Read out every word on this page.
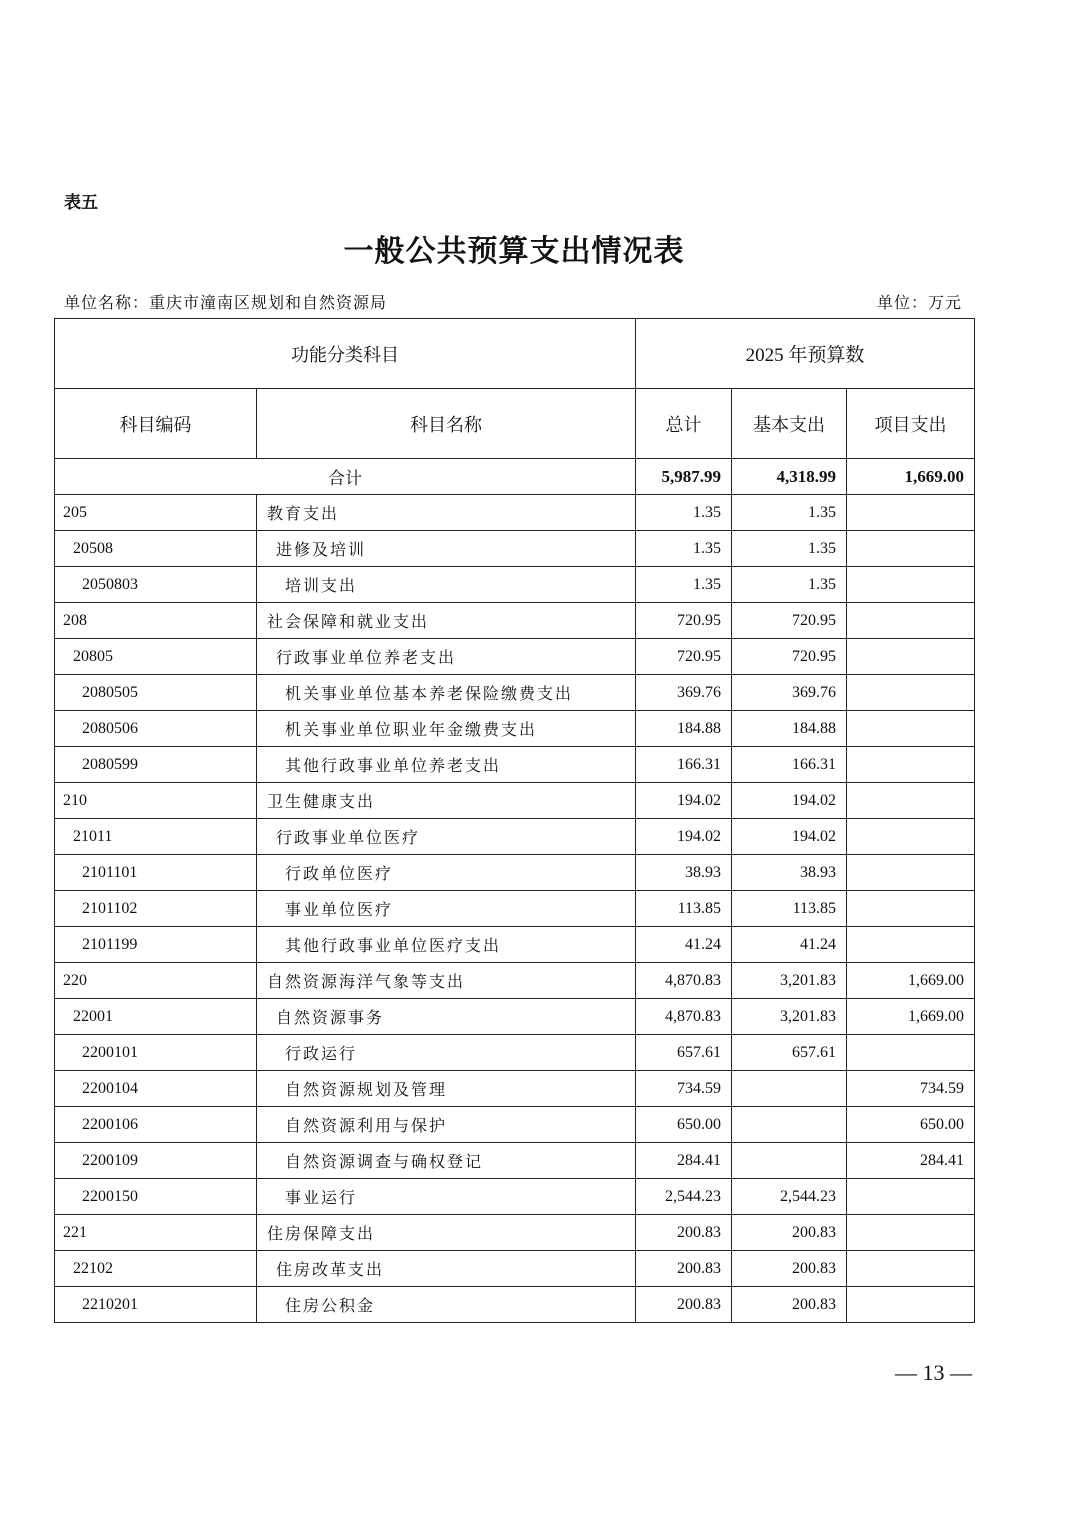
表五
一般公共预算支出情况表
单位名称：重庆市潼南区规划和自然资源局	单位：万元
功能分类科目		2025 年预算数		
科目编码	科目名称	总计	基本支出	项目支出
合计		5,987.99	4,318.99	1,669.00
205	教育支出	1.35	1.35	
20508	进修及培训	1.35	1.35	
2050803	培训支出	1.35	1.35	
208	社会保障和就业支出	720.95	720.95	
20805	行政事业单位养老支出	720.95	720.95	
2080505	机关事业单位基本养老保险缴费支出	369.76	369.76	
2080506	机关事业单位职业年金缴费支出	184.88	184.88	
2080599	其他行政事业单位养老支出	166.31	166.31	
210	卫生健康支出	194.02	194.02	
21011	行政事业单位医疗	194.02	194.02	
2101101	行政单位医疗	38.93	38.93	
2101102	事业单位医疗	113.85	113.85	
2101199	其他行政事业单位医疗支出	41.24	41.24	
220	自然资源海洋气象等支出	4,870.83	3,201.83	1,669.00
22001	自然资源事务	4,870.83	3,201.83	1,669.00
2200101	行政运行	657.61	657.61	
2200104	自然资源规划及管理	734.59		734.59
2200106	自然资源利用与保护	650.00		650.00
2200109	自然资源调查与确权登记	284.41		284.41
2200150	事业运行	2,544.23	2,544.23	
221	住房保障支出	200.83	200.83	
22102	住房改革支出	200.83	200.83	
2210201	住房公积金	200.83	200.83	
— 13 —
